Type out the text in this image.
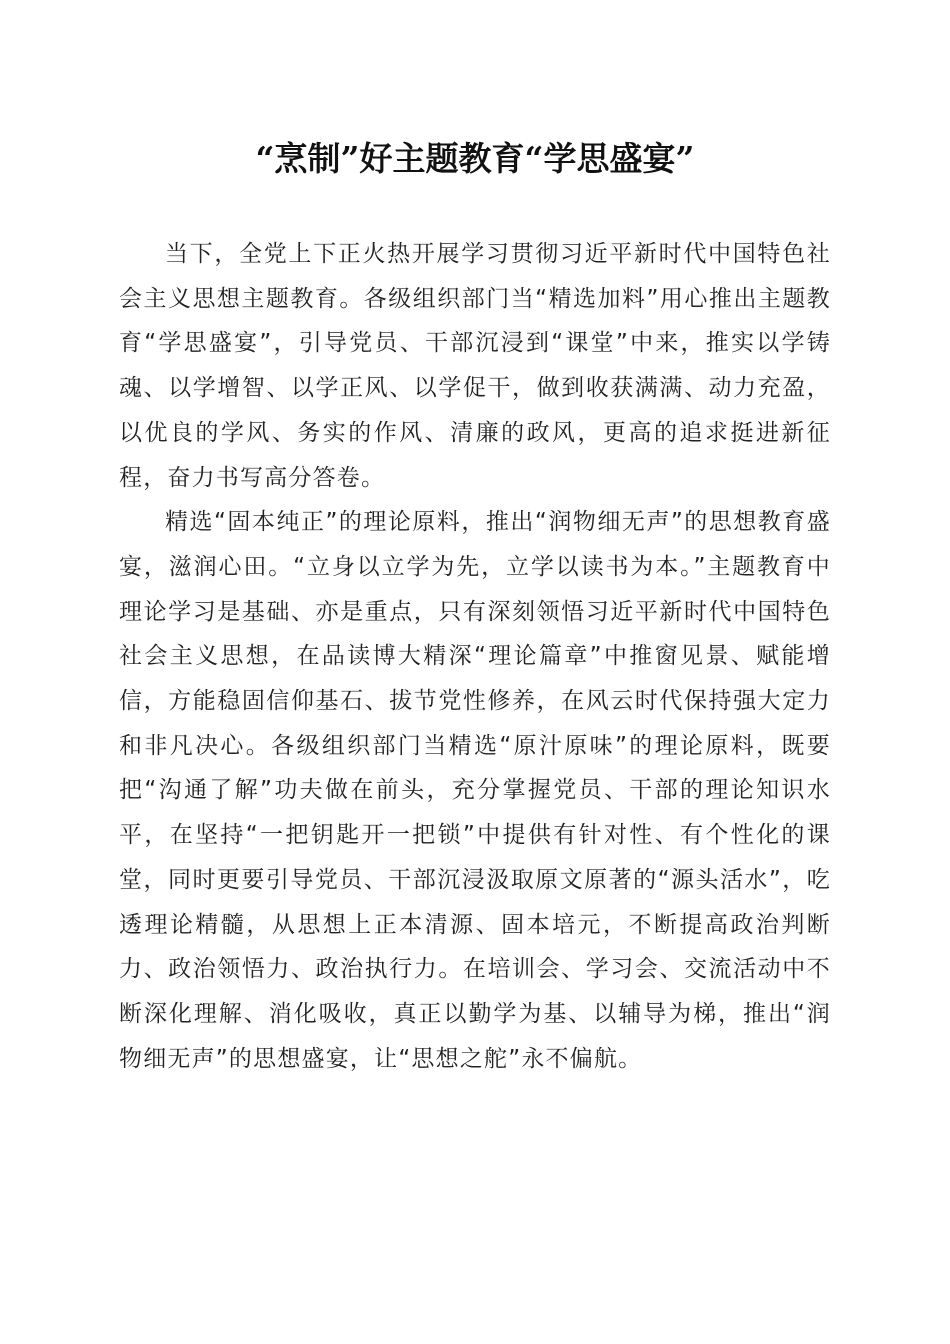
“烹制”好主题教育“学思盛宴”

当下，全党上下正火热开展学习贯彻习近平新时代中国特色社会主义思想主题教育。各级组织部门当“精选加料”用心推出主题教育“学思盛宴”，引导党员、干部沉浸到“课堂”中来，推实以学铸魂、以学增智、以学正风、以学促干，做到收获满满、动力充盈，以优良的学风、务实的作风、清廉的政风，更高的追求挺进新征程，奋力书写高分答卷。

精选“固本纯正”的理论原料，推出“润物细无声”的思想教育盛宴，滋润心田。“立身以立学为先，立学以读书为本。”主题教育中理论学习是基础、亦是重点，只有深刻领悟习近平新时代中国特色社会主义思想，在品读博大精深“理论篇章”中推窗见景、赋能增信，方能稳固信仰基石、拔节党性修养，在风云时代保持强大定力和非凡决心。各级组织部门当精选“原汁原味”的理论原料，既要把“沟通了解”功夫做在前头，充分掌握党员、干部的理论知识水平，在坚持“一把钥匙开一把锁”中提供有针对性、有个性化的课堂，同时更要引导党员、干部沉浸汲取原文原著的“源头活水”，吃透理论精髓，从思想上正本清源、固本培元，不断提高政治判断力、政治领悟力、政治执行力。在培训会、学习会、交流活动中不断深化理解、消化吸收，真正以勤学为基、以辅导为梯，推出“润物细无声”的思想盛宴，让“思想之舵”永不偏航。
